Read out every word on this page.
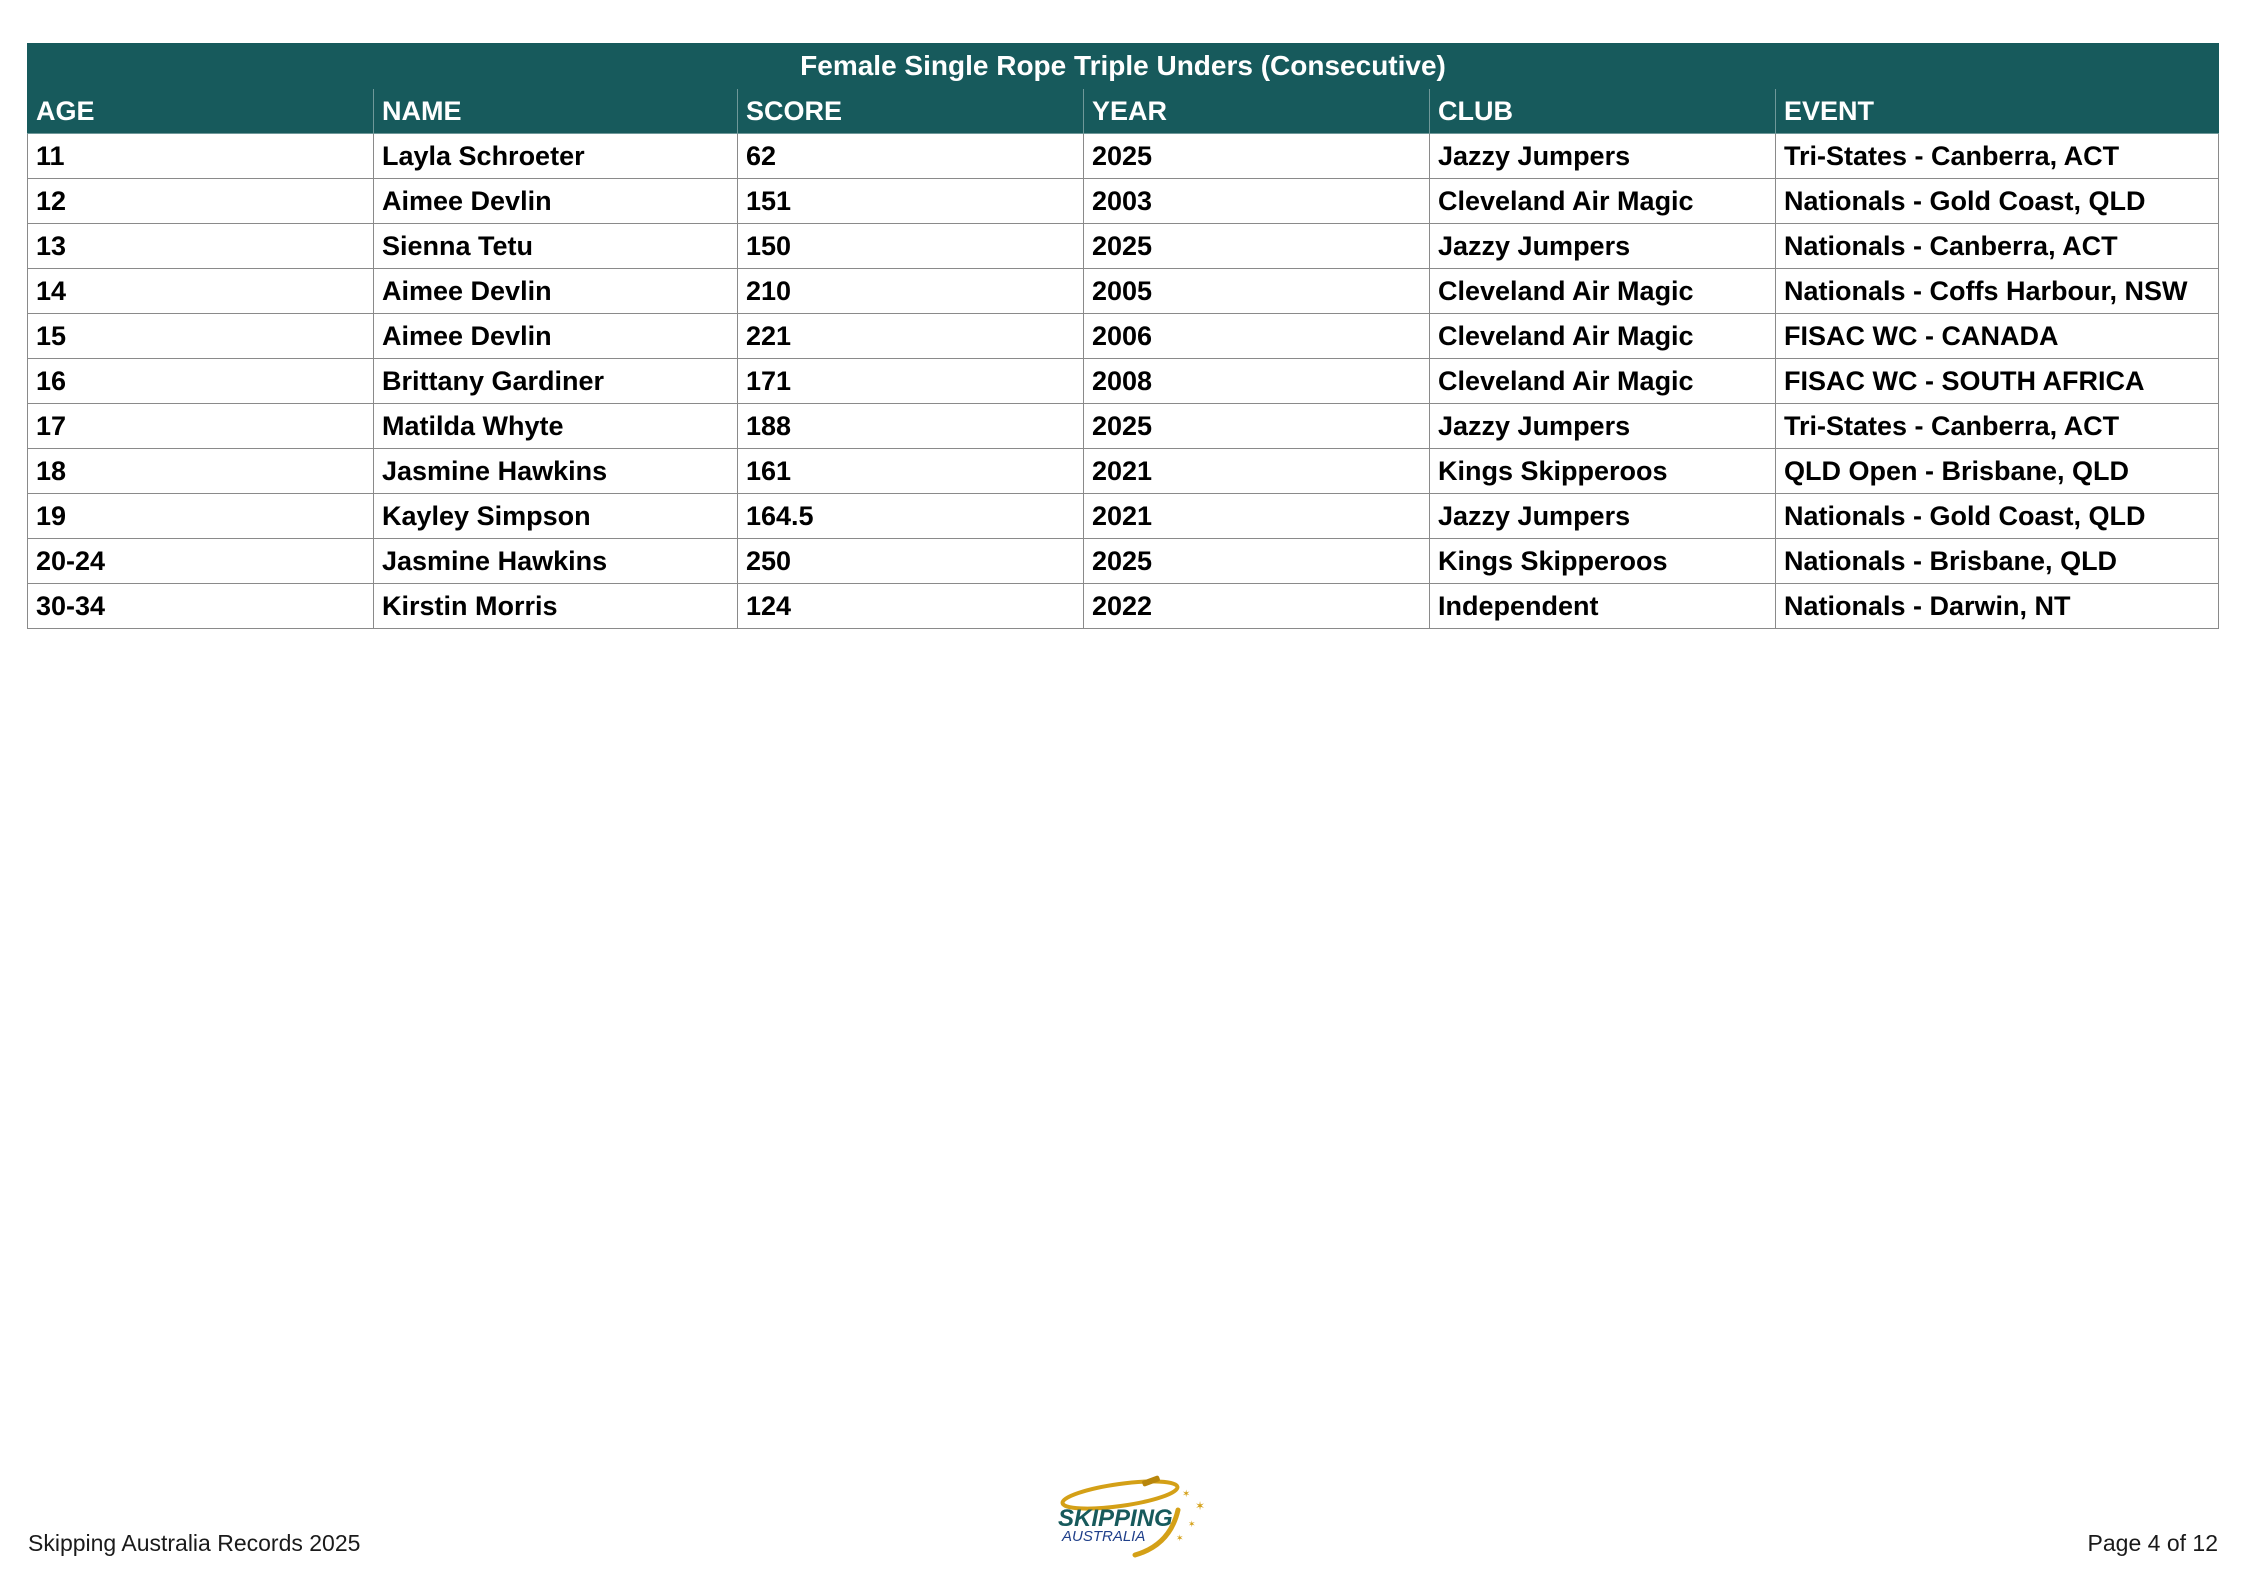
Female Single Rope Triple Unders (Consecutive)					
AGE	NAME	SCORE	YEAR	CLUB	EVENT
11	Layla Schroeter	62	2025	Jazzy Jumpers	Tri-States - Canberra, ACT
12	Aimee Devlin	151	2003	Cleveland Air Magic	Nationals - Gold Coast, QLD
13	Sienna Tetu	150	2025	Jazzy Jumpers	Nationals - Canberra, ACT
14	Aimee Devlin	210	2005	Cleveland Air Magic	Nationals - Coffs Harbour, NSW
15	Aimee Devlin	221	2006	Cleveland Air Magic	FISAC WC - CANADA
16	Brittany Gardiner	171	2008	Cleveland Air Magic	FISAC WC - SOUTH AFRICA
17	Matilda Whyte	188	2025	Jazzy Jumpers	Tri-States - Canberra, ACT
18	Jasmine Hawkins	161	2021	Kings Skipperoos	QLD Open - Brisbane, QLD
19	Kayley Simpson	164.5	2021	Jazzy Jumpers	Nationals - Gold Coast, QLD
20-24	Jasmine Hawkins	250	2025	Kings Skipperoos	Nationals - Brisbane, QLD
30-34	Kirstin Morris	124	2022	Independent	Nationals - Darwin, NT
Skipping Australia Records 2025
✶
✶
✶
✶
SKIPPING
AUSTRALIA	Page 4 of 12
